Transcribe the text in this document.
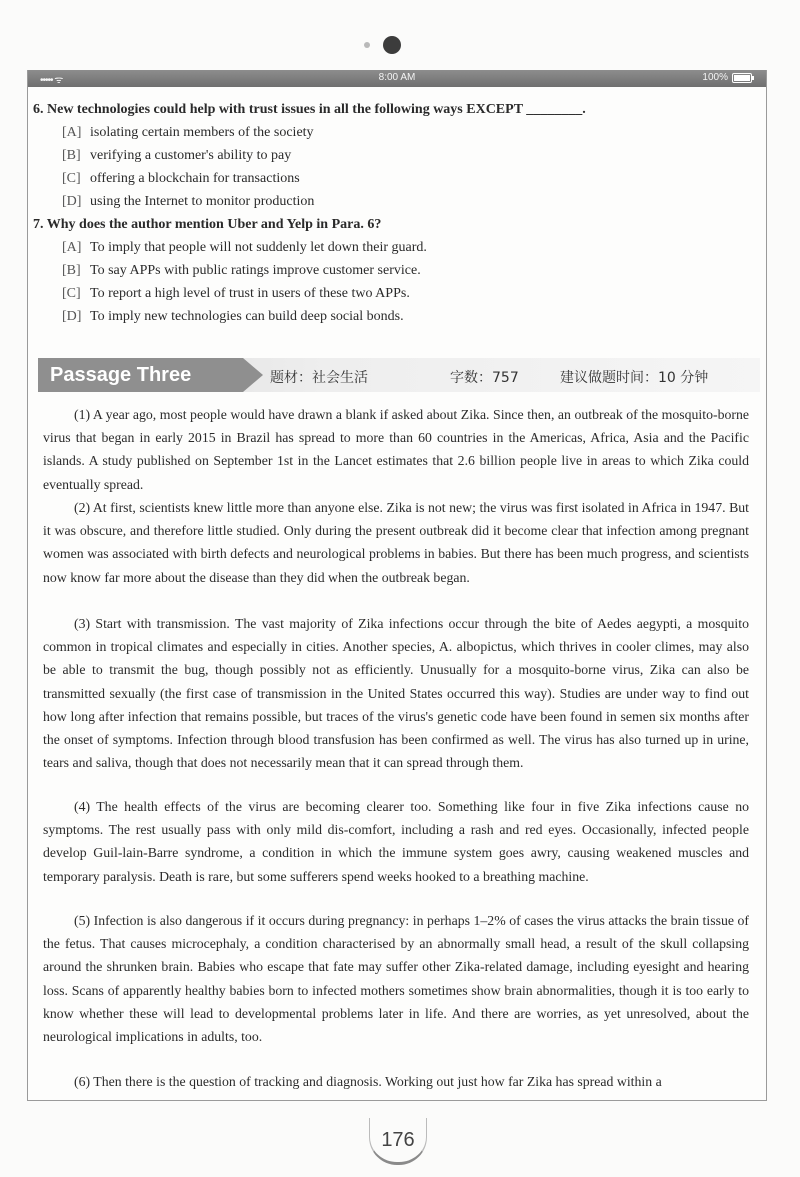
••••• ᯤ	8:00 AM	100%
6. New technologies could help with trust issues in all the following ways EXCEPT ________.
[A] isolating certain members of the society
[B] verifying a customer's ability to pay
[C] offering a blockchain for transactions
[D] using the Internet to monitor production
7. Why does the author mention Uber and Yelp in Para. 6?
[A] To imply that people will not suddenly let down their guard.
[B] To say APPs with public ratings improve customer service.
[C] To report a high level of trust in users of these two APPs.
[D] To imply new technologies can build deep social bonds.
Passage Three	题材：社会生活	字数：757	建议做题时间：10 分钟
(1) A year ago, most people would have drawn a blank if asked about Zika. Since then, an outbreak of the mosquito-borne virus that began in early 2015 in Brazil has spread to more than 60 countries in the Americas, Africa, Asia and the Pacific islands. A study published on September 1st in the Lancet estimates that 2.6 billion people live in areas to which Zika could eventually spread.
(2) At first, scientists knew little more than anyone else. Zika is not new; the virus was first isolated in Africa in 1947. But it was obscure, and therefore little studied. Only during the present outbreak did it become clear that infection among pregnant women was associated with birth defects and neurological problems in babies. But there has been much progress, and scientists now know far more about the disease than they did when the outbreak began.
(3) Start with transmission. The vast majority of Zika infections occur through the bite of Aedes aegypti, a mosquito common in tropical climates and especially in cities. Another species, A. albopictus, which thrives in cooler climes, may also be able to transmit the bug, though possibly not as efficiently. Unusually for a mosquito-borne virus, Zika can also be transmitted sexually (the first case of transmission in the United States occurred this way). Studies are under way to find out how long after infection that remains possible, but traces of the virus's genetic code have been found in semen six months after the onset of symptoms. Infection through blood transfusion has been confirmed as well. The virus has also turned up in urine, tears and saliva, though that does not necessarily mean that it can spread through them.
(4) The health effects of the virus are becoming clearer too. Something like four in five Zika infections cause no symptoms. The rest usually pass with only mild dis-comfort, including a rash and red eyes. Occasionally, infected people develop Guil-lain-Barre syndrome, a condition in which the immune system goes awry, causing weakened muscles and temporary paralysis. Death is rare, but some sufferers spend weeks hooked to a breathing machine.
(5) Infection is also dangerous if it occurs during pregnancy: in perhaps 1–2% of cases the virus attacks the brain tissue of the fetus. That causes microcephaly, a condition characterised by an abnormally small head, a result of the skull collapsing around the shrunken brain. Babies who escape that fate may suffer other Zika-related damage, including eyesight and hearing loss. Scans of apparently healthy babies born to infected mothers sometimes show brain abnormalities, though it is too early to know whether these will lead to developmental problems later in life. And there are worries, as yet unresolved, about the neurological implications in adults, too.
(6) Then there is the question of tracking and diagnosis. Working out just how far Zika has spread within a
176
